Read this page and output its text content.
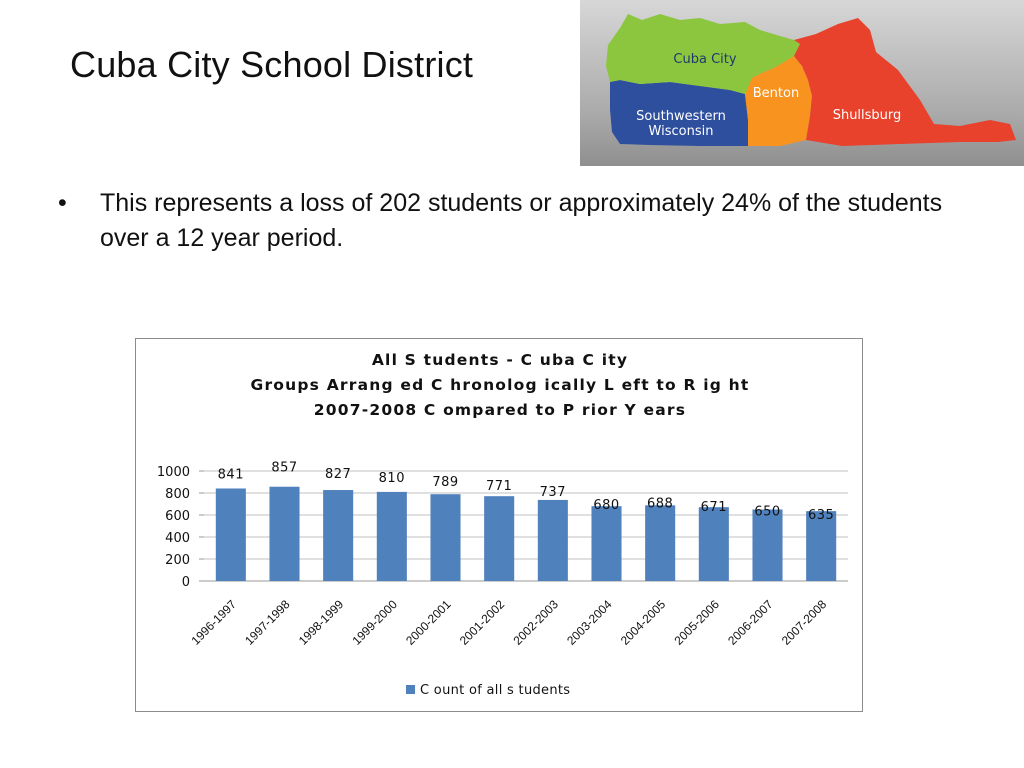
Cuba City School District	Cuba City
Benton
Shullsburg
Southwestern
Wisconsin
• This represents a loss of 202 students or approximately 24% of the students over a 12 year period.
All S tudents - C uba C ity
Groups Arrang ed C hronolog ically L eft to R ig ht
2007-2008 C ompared to P rior Y ears
0
200
400
600
800
1000 841 857 827 810 789 771 737
680 688 671 650 635
1996-1997 1997-1998 1998-1999 1999-2000 2000-2001 2001-2002 2002-2003 2003-2004 2004-2005 2005-2006 2006-2007 2007-2008
C ount of all s tudents
